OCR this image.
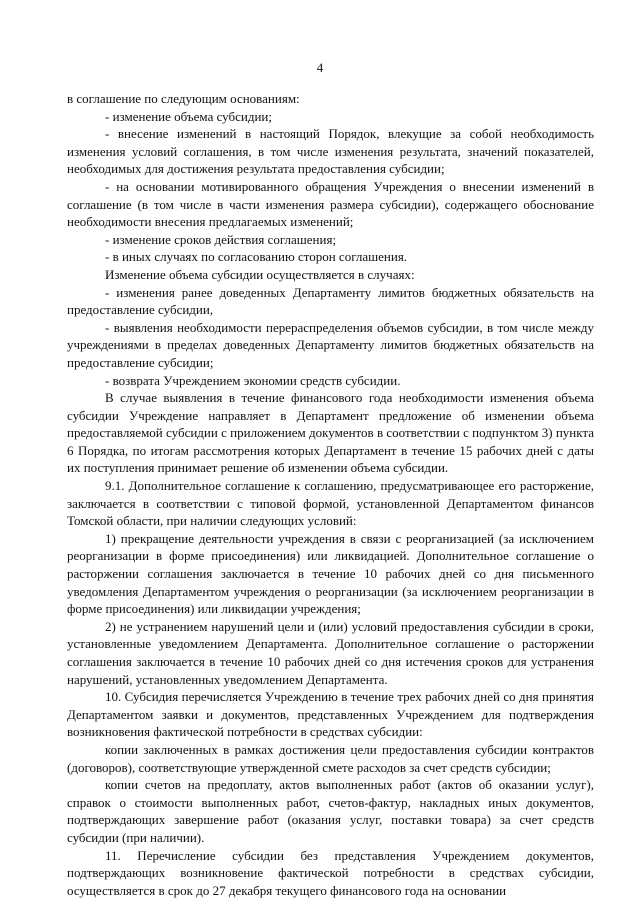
4

в соглашение по следующим основаниям:

- изменение объема субсидии;

- внесение изменений в настоящий Порядок, влекущие за собой необходимость изменения условий соглашения, в том числе изменения результата, значений показателей, необходимых для достижения результата предоставления субсидии;

- на основании мотивированного обращения Учреждения о внесении изменений в соглашение (в том числе в части изменения размера субсидии), содержащего обоснование необходимости внесения предлагаемых изменений;

- изменение сроков действия соглашения;

- в иных случаях по согласованию сторон соглашения.

Изменение объема субсидии осуществляется в случаях:

- изменения ранее доведенных Департаменту лимитов бюджетных обязательств на предоставление субсидии,

- выявления необходимости перераспределения объемов субсидии, в том числе между учреждениями в пределах доведенных Департаменту лимитов бюджетных обязательств на предоставление субсидии;

- возврата Учреждением экономии средств субсидии.

В случае выявления в течение финансового года необходимости изменения объема субсидии Учреждение направляет в Департамент предложение об изменении объема предоставляемой субсидии с приложением документов в соответствии с подпунктом 3) пункта 6 Порядка, по итогам рассмотрения которых Департамент в течение 15 рабочих дней с даты их поступления принимает решение об изменении объема субсидии.

9.1. Дополнительное соглашение к соглашению, предусматривающее его расторжение, заключается в соответствии с типовой формой, установленной Департаментом финансов Томской области, при наличии следующих условий:

1) прекращение деятельности учреждения в связи с реорганизацией (за исключением реорганизации в форме присоединения) или ликвидацией. Дополнительное соглашение о расторжении соглашения заключается в течение 10 рабочих дней со дня письменного уведомления Департаментом учреждения о реорганизации (за исключением реорганизации в форме присоединения) или ликвидации учреждения;

2) не устранением нарушений цели и (или) условий предоставления субсидии в сроки, установленные уведомлением Департамента. Дополнительное соглашение о расторжении соглашения заключается в течение 10 рабочих дней со дня истечения сроков для устранения нарушений, установленных уведомлением Департамента.

10. Субсидия перечисляется Учреждению в течение трех рабочих дней со дня принятия Департаментом заявки и документов, представленных Учреждением для подтверждения возникновения фактической потребности в средствах субсидии:

копии заключенных в рамках достижения цели предоставления субсидии контрактов (договоров), соответствующие утвержденной смете расходов за счет средств субсидии;

копии счетов на предоплату, актов выполненных работ (актов об оказании услуг), справок о стоимости выполненных работ, счетов-фактур, накладных иных документов, подтверждающих завершение работ (оказания услуг, поставки товара) за счет средств субсидии (при наличии).

11. Перечисление субсидии без представления Учреждением документов, подтверждающих возникновение фактической потребности в средствах субсидии, осуществляется в срок до 27 декабря текущего финансового года на основании
